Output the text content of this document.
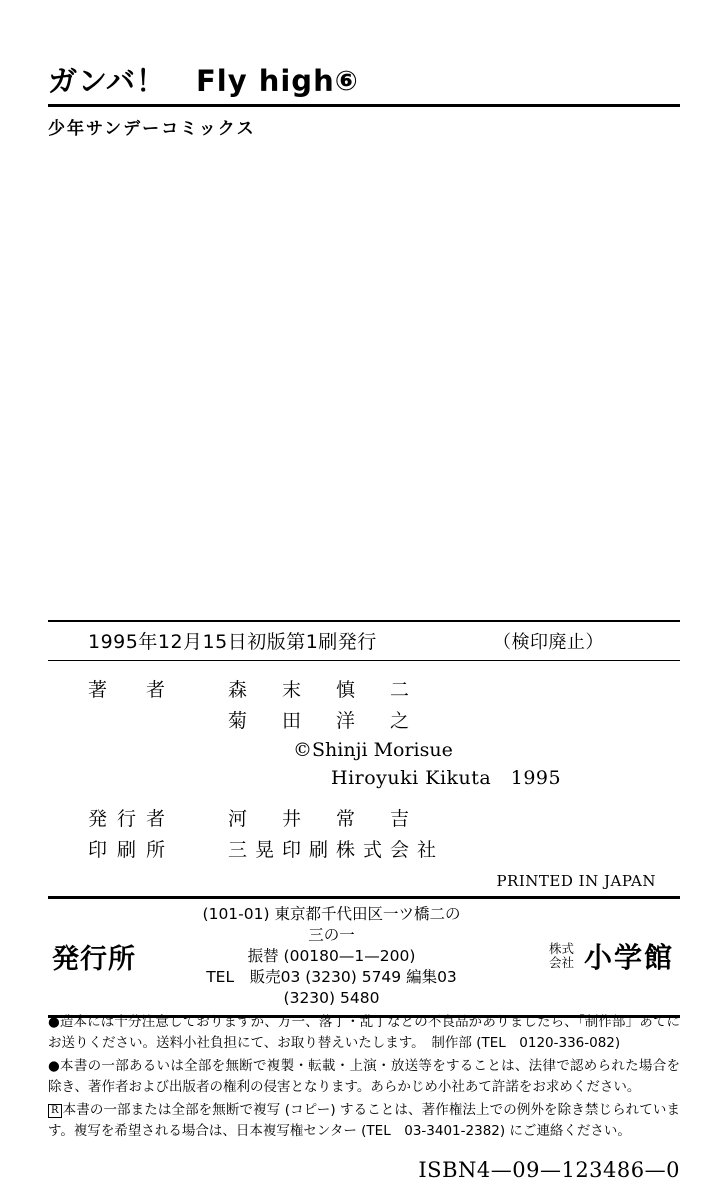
ガンバ！　Fly high⑥
少年サンデーコミックス
1995年12月15日初版第1刷発行	（検印廃止）
著　者	森　末　慎　二
菊　田　洋　之
©Shinji Morisue
Hiroyuki Kikuta　1995
発行者	河　井　常　吉
印刷所	三晃印刷株式会社
PRINTED IN JAPAN
発行所
(101-01) 東京都千代田区一ツ橋二の三の一
振替 (00180—1—200)
TEL　販売03 (3230) 5749 編集03 (3230) 5480
株式
会社 小学館

●造本には十分注意しておりますが、万一、落丁・乱丁などの不良品がありましたら、「制作部」あてにお送りください。送料小社負担にて、お取り替えいたします。　 制作部 (TEL　0120-336-082)

●本書の一部あるいは全部を無断で複製・転載・上演・放送等をすることは、法律で認められた場合を除き、著作者および出版者の権利の侵害となります。あらかじめ小社あて許諾をお求めください。

R 本書の一部または全部を無断で複写 (コピー) することは、著作権法上での例外を除き禁じられています。複写を希望される場合は、日本複写権センター (TEL　03-3401-2382) にご連絡ください。

ISBN4—09—123486—0
